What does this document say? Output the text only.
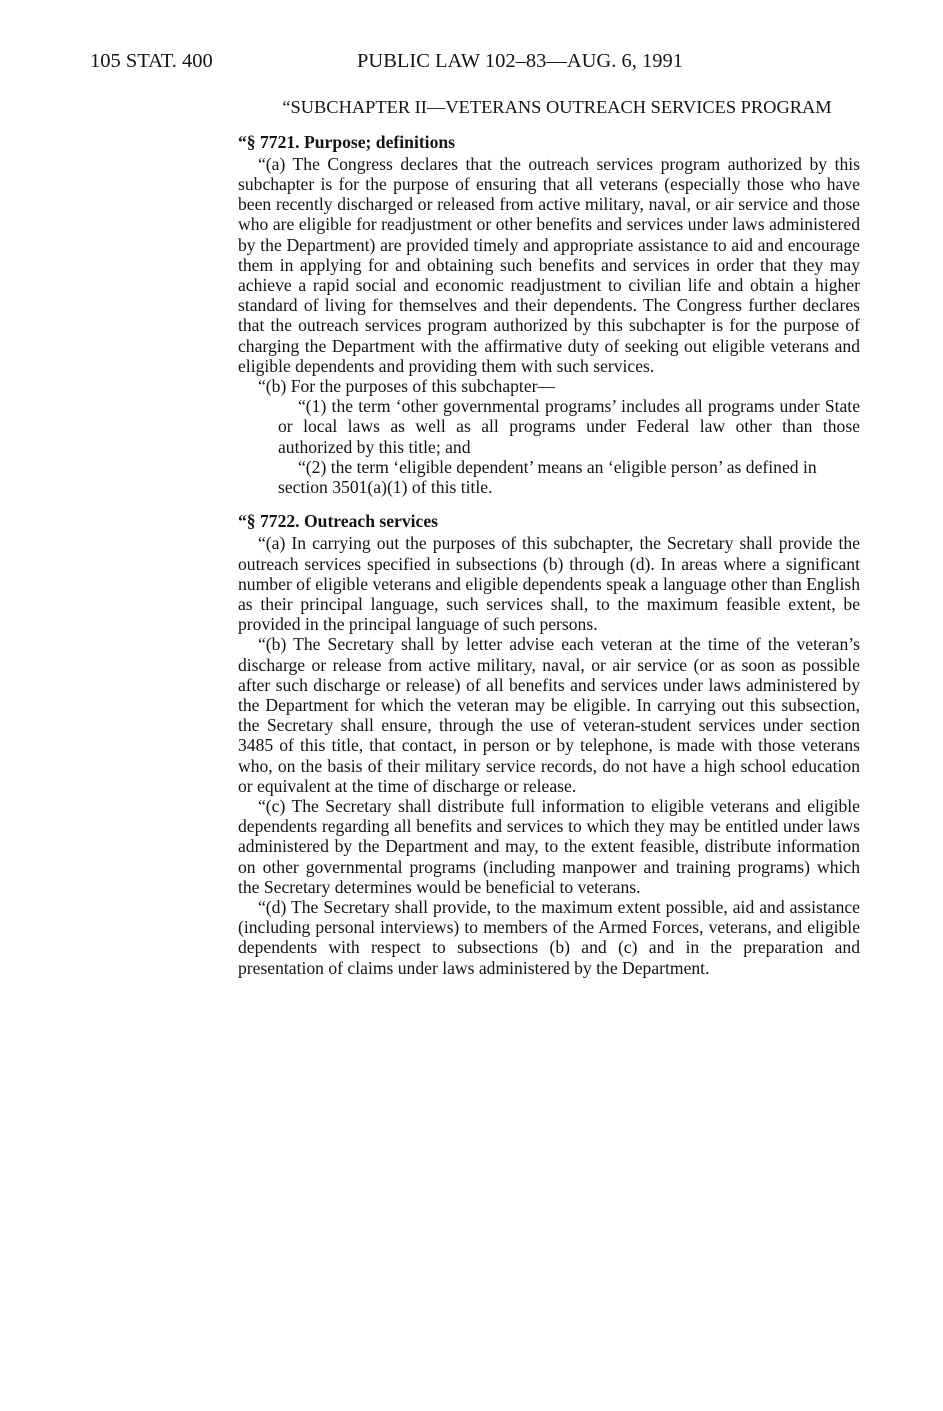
105 STAT. 400	PUBLIC LAW 102–83—AUG. 6, 1991

“SUBCHAPTER II—VETERANS OUTREACH SERVICES PROGRAM

“§ 7721. Purpose; definitions

“(a) The Congress declares that the outreach services program authorized by this subchapter is for the purpose of ensuring that all veterans (especially those who have been recently discharged or released from active military, naval, or air service and those who are eligible for readjustment or other benefits and services under laws administered by the Department) are provided timely and appropriate assistance to aid and encourage them in applying for and obtaining such benefits and services in order that they may achieve a rapid social and economic readjustment to civilian life and obtain a higher standard of living for themselves and their dependents. The Congress further declares that the outreach services program authorized by this subchapter is for the purpose of charging the Department with the affirmative duty of seeking out eligible veterans and eligible dependents and providing them with such services.

“(b) For the purposes of this subchapter—

“(1) the term ‘other governmental programs’ includes all programs under State or local laws as well as all programs under Federal law other than those authorized by this title; and

“(2) the term ‘eligible dependent’ means an ‘eligible person’ as defined in section 3501(a)(1) of this title.

“§ 7722. Outreach services

“(a) In carrying out the purposes of this subchapter, the Secretary shall provide the outreach services specified in subsections (b) through (d). In areas where a significant number of eligible veterans and eligible dependents speak a language other than English as their principal language, such services shall, to the maximum feasible extent, be provided in the principal language of such persons.

“(b) The Secretary shall by letter advise each veteran at the time of the veteran’s discharge or release from active military, naval, or air service (or as soon as possible after such discharge or release) of all benefits and services under laws administered by the Department for which the veteran may be eligible. In carrying out this subsection, the Secretary shall ensure, through the use of veteran-student services under section 3485 of this title, that contact, in person or by telephone, is made with those veterans who, on the basis of their military service records, do not have a high school education or equivalent at the time of discharge or release.

“(c) The Secretary shall distribute full information to eligible veterans and eligible dependents regarding all benefits and services to which they may be entitled under laws administered by the Department and may, to the extent feasible, distribute information on other governmental programs (including manpower and training programs) which the Secretary determines would be beneficial to veterans.

“(d) The Secretary shall provide, to the maximum extent possible, aid and assistance (including personal interviews) to members of the Armed Forces, veterans, and eligible dependents with respect to subsections (b) and (c) and in the preparation and presentation of claims under laws administered by the Department.
